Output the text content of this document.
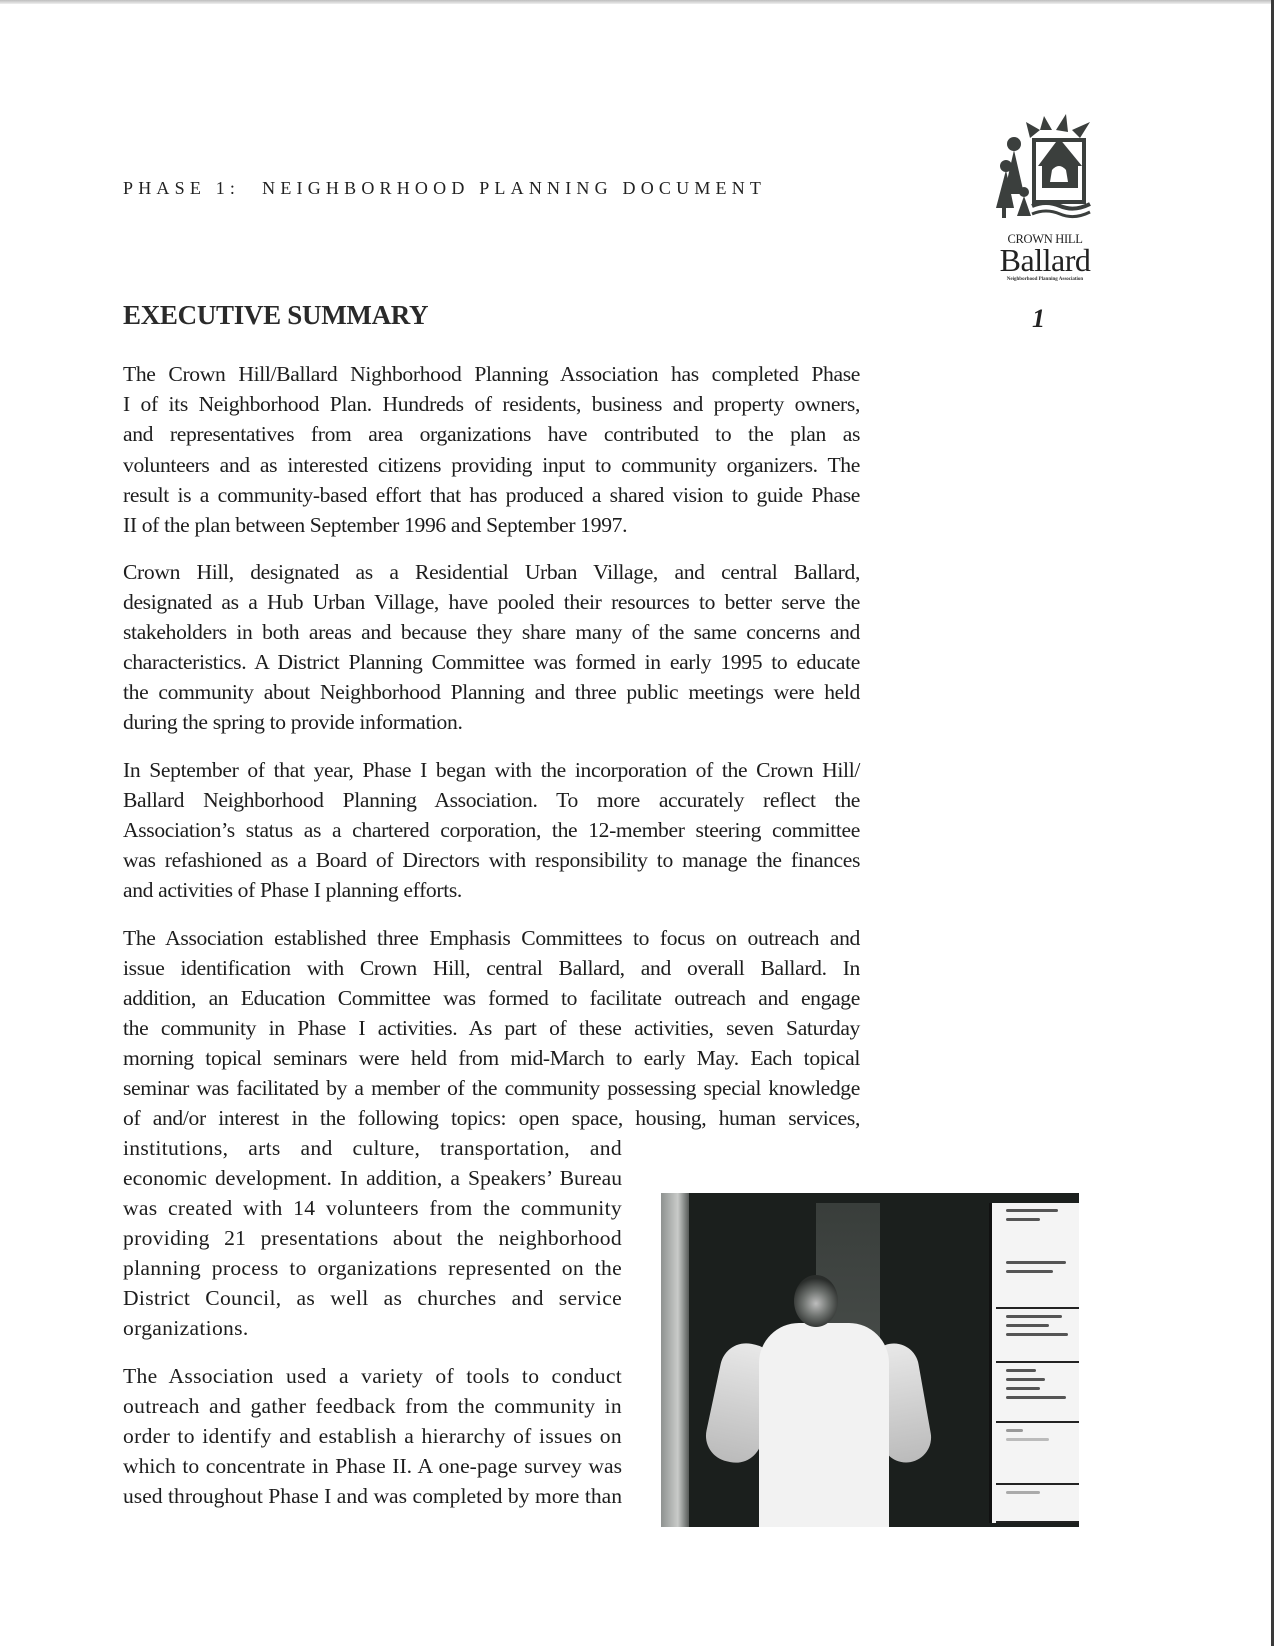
PHASE 1: NEIGHBORHOOD PLANNING DOCUMENT
CROWN HILL
Ballard
Neighborhood Planning Association
1
EXECUTIVE SUMMARY
The Crown Hill/Ballard Nighborhood Planning Association has completed Phase
I of its Neighborhood Plan. Hundreds of residents, business and property owners,
and representatives from area organizations have contributed to the plan as
volunteers and as interested citizens providing input to community organizers. The
result is a community-based effort that has produced a shared vision to guide Phase
II of the plan between September 1996 and September 1997.
Crown Hill, designated as a Residential Urban Village, and central Ballard,
designated as a Hub Urban Village, have pooled their resources to better serve the
stakeholders in both areas and because they share many of the same concerns and
characteristics. A District Planning Committee was formed in early 1995 to educate
the community about Neighborhood Planning and three public meetings were held
during the spring to provide information.
In September of that year, Phase I began with the incorporation of the Crown Hill/
Ballard Neighborhood Planning Association. To more accurately reflect the
Association’s status as a chartered corporation, the 12-member steering committee
was refashioned as a Board of Directors with responsibility to manage the finances
and activities of Phase I planning efforts.
The Association established three Emphasis Committees to focus on outreach and
issue identification with Crown Hill, central Ballard, and overall Ballard. In
addition, an Education Committee was formed to facilitate outreach and engage
the community in Phase I activities. As part of these activities, seven Saturday
morning topical seminars were held from mid-March to early May. Each topical
seminar was facilitated by a member of the community possessing special knowledge
of and/or interest in the following topics: open space, housing, human services,
institutions, arts and culture, transportation, and
economic development. In addition, a Speakers’ Bureau
was created with 14 volunteers from the community
providing 21 presentations about the neighborhood
planning process to organizations represented on the
District Council, as well as churches and service
organizations.
The Association used a variety of tools to conduct
outreach and gather feedback from the community in
order to identify and establish a hierarchy of issues on
which to concentrate in Phase II. A one-page survey was
used throughout Phase I and was completed by more than
